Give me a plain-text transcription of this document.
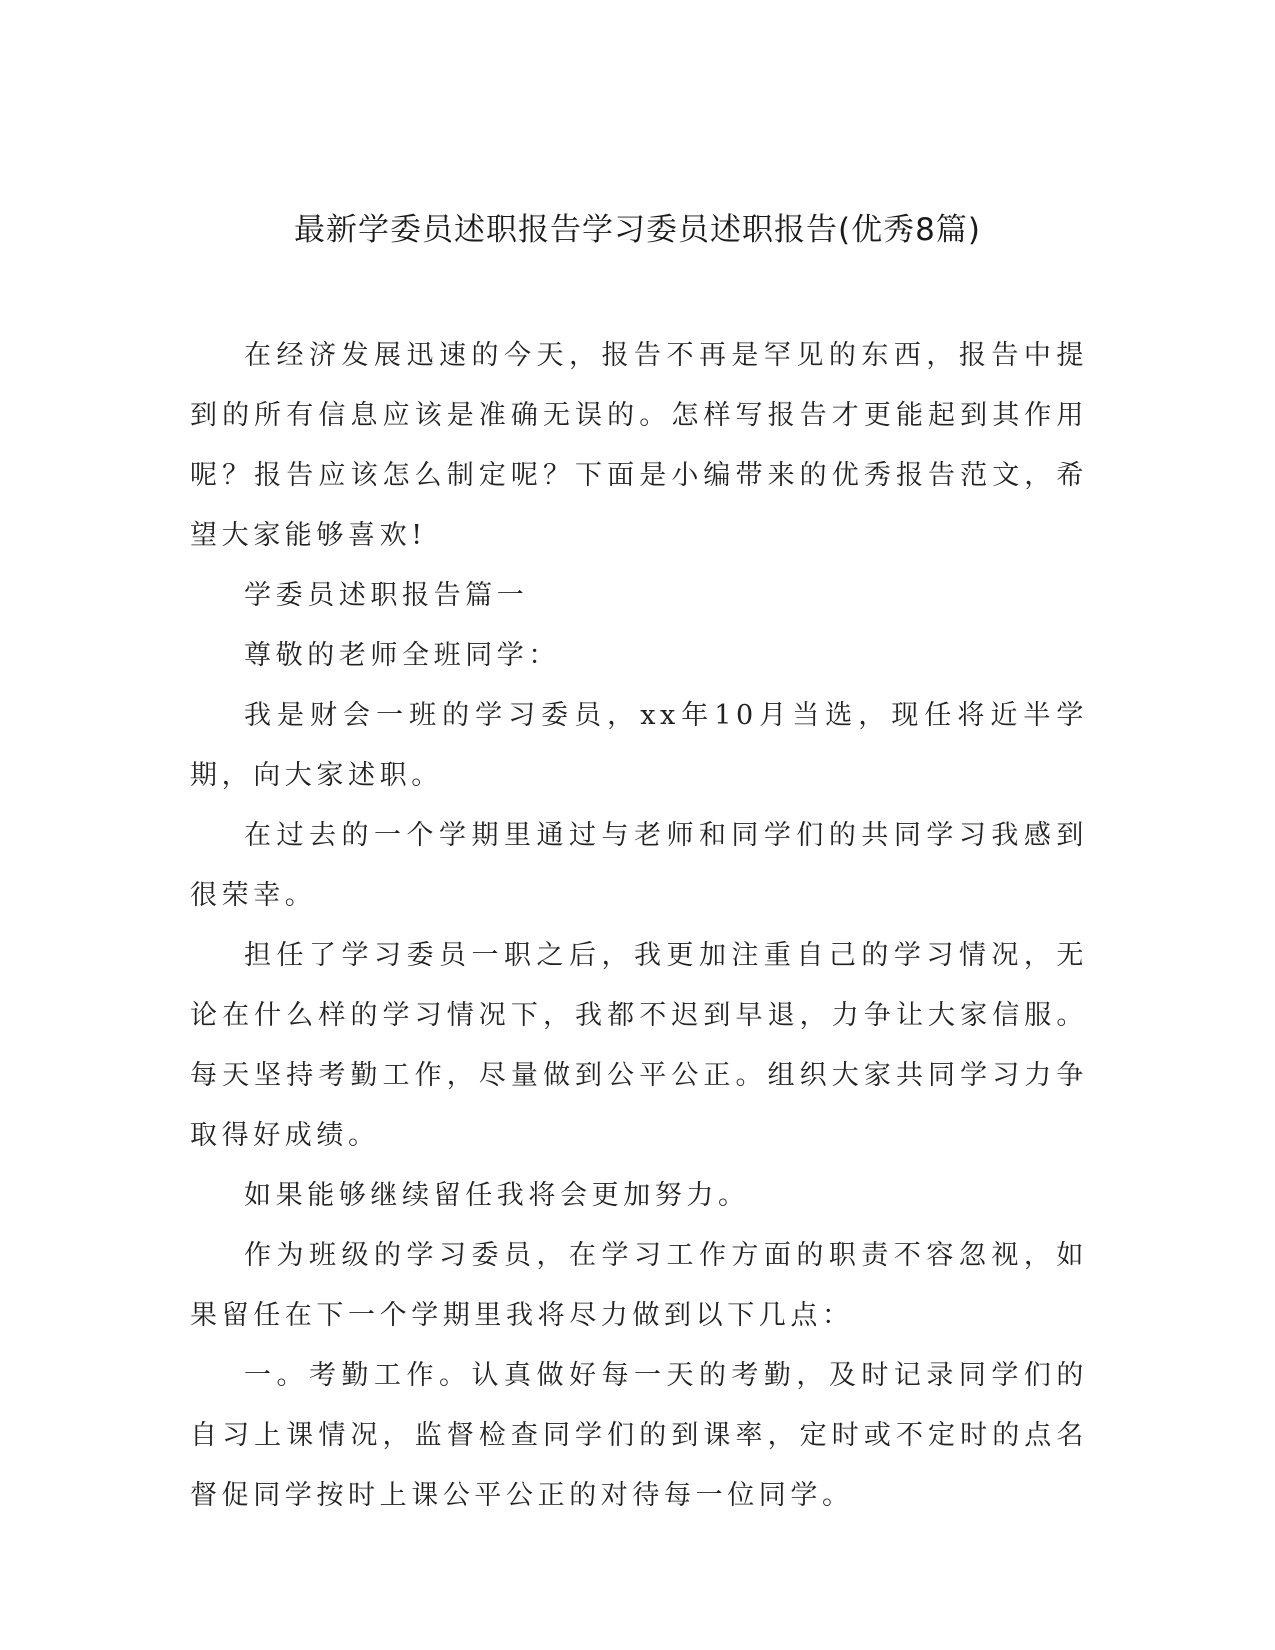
最新学委员述职报告学习委员述职报告(优秀8篇)

在经济发展迅速的今天，报告不再是罕见的东西，报告中提到的所有信息应该是准确无误的。怎样写报告才更能起到其作用呢？报告应该怎么制定呢？下面是小编带来的优秀报告范文，希望大家能够喜欢!

学委员述职报告篇一

尊敬的老师全班同学：

我是财会一班的学习委员，xx年10月当选，现任将近半学期，向大家述职。

在过去的一个学期里通过与老师和同学们的共同学习我感到很荣幸。

担任了学习委员一职之后，我更加注重自己的学习情况，无论在什么样的学习情况下，我都不迟到早退，力争让大家信服。每天坚持考勤工作，尽量做到公平公正。组织大家共同学习力争取得好成绩。

如果能够继续留任我将会更加努力。

作为班级的学习委员，在学习工作方面的职责不容忽视，如果留任在下一个学期里我将尽力做到以下几点：

一。考勤工作。认真做好每一天的考勤，及时记录同学们的自习上课情况，监督检查同学们的到课率，定时或不定时的点名督促同学按时上课公平公正的对待每一位同学。
